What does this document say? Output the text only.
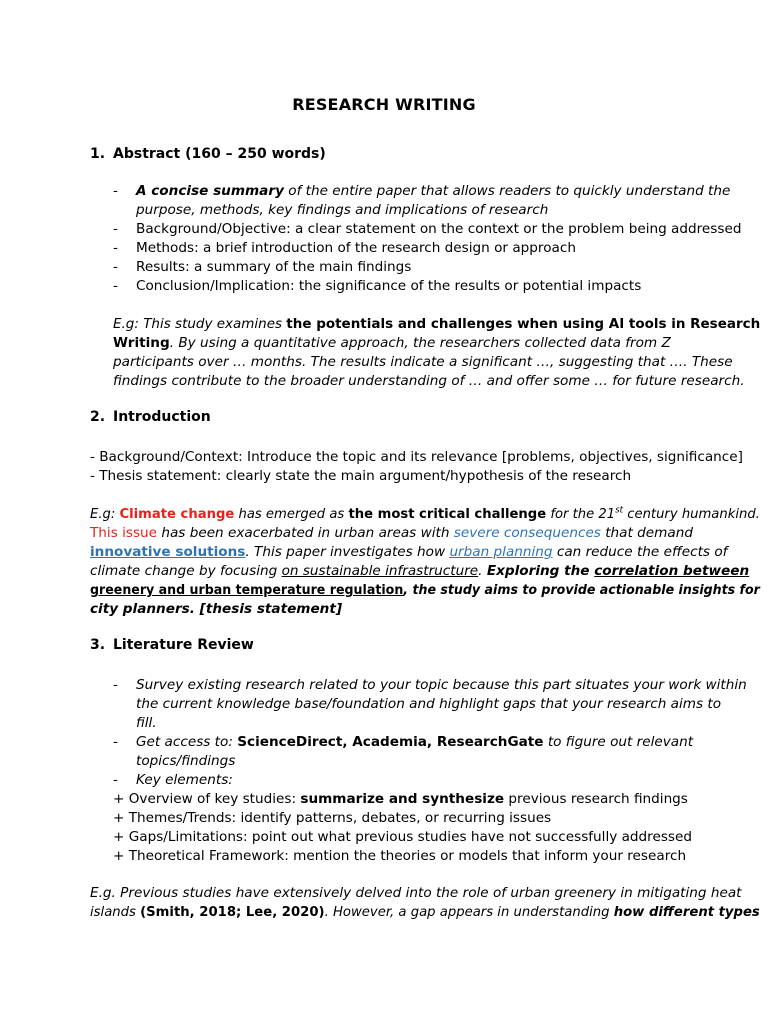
RESEARCH WRITING
1. Abstract (160 – 250 words)
- A concise summary of the entire paper that allows readers to quickly understand the
purpose, methods, key findings and implications of research
- Background/Objective: a clear statement on the context or the problem being addressed
- Methods: a brief introduction of the research design or approach
- Results: a summary of the main findings
- Conclusion/Implication: the significance of the results or potential impacts
E.g: This study examines the potentials and challenges when using AI tools in Research
Writing. By using a quantitative approach, the researchers collected data from Z
participants over … months. The results indicate a significant …, suggesting that …. These
findings contribute to the broader understanding of … and offer some … for future research.
2. Introduction
- Background/Context: Introduce the topic and its relevance [problems, objectives, significance]
- Thesis statement: clearly state the main argument/hypothesis of the research
E.g: Climate change has emerged as the most critical challenge for the 21st century humankind.
This issue has been exacerbated in urban areas with severe consequences that demand
innovative solutions. This paper investigates how urban planning can reduce the effects of
climate change by focusing on sustainable infrastructure. Exploring the correlation between
greenery and urban temperature regulation, the study aims to provide actionable insights for
city planners. [thesis statement]
3. Literature Review
- Survey existing research related to your topic because this part situates your work within
the current knowledge base/foundation and highlight gaps that your research aims to
fill.
- Get access to: ScienceDirect, Academia, ResearchGate to figure out relevant
topics/findings
- Key elements:
+ Overview of key studies: summarize and synthesize previous research findings
+ Themes/Trends: identify patterns, debates, or recurring issues
+ Gaps/Limitations: point out what previous studies have not successfully addressed
+ Theoretical Framework: mention the theories or models that inform your research
E.g. Previous studies have extensively delved into the role of urban greenery in mitigating heat
islands (Smith, 2018; Lee, 2020). However, a gap appears in understanding how different types
